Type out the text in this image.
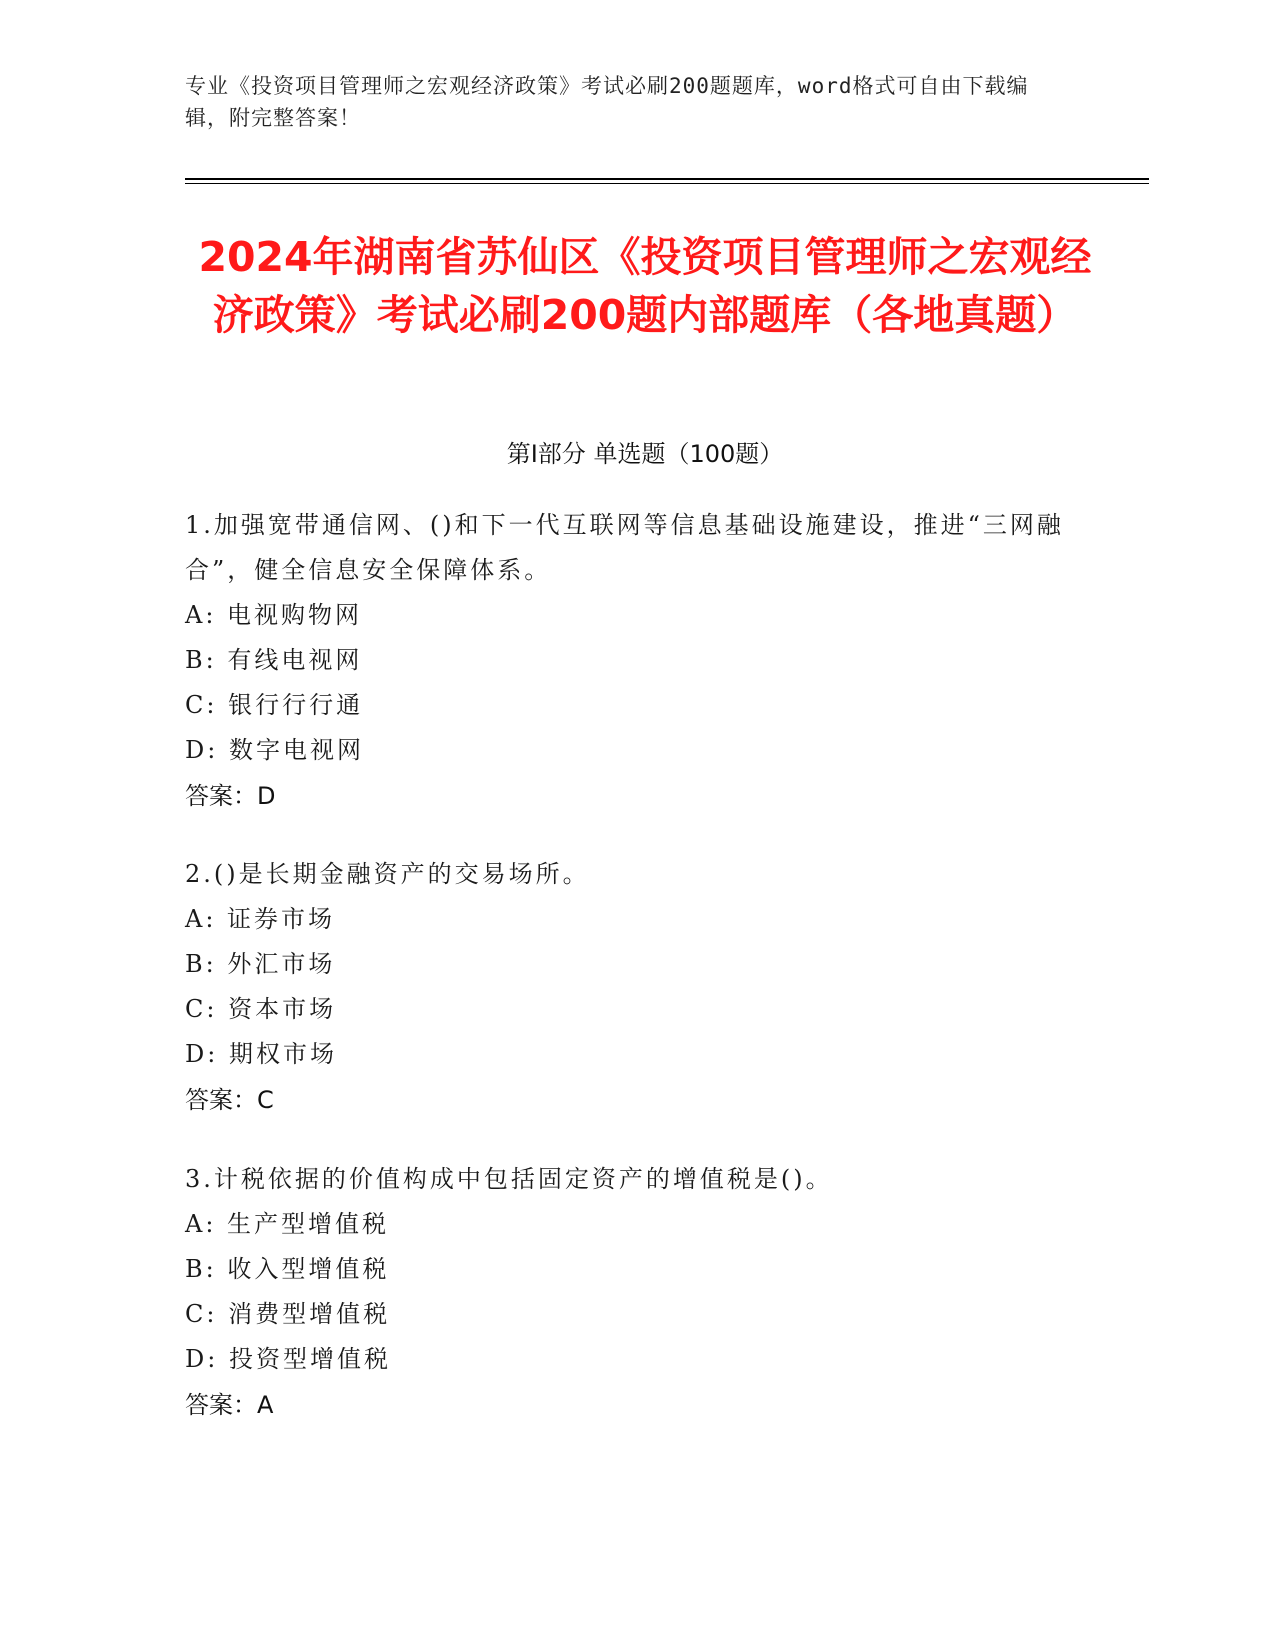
专业《投资项目管理师之宏观经济政策》考试必刷200题题库，word格式可自由下载编辑，附完整答案！
2024年湖南省苏仙区《投资项目管理师之宏观经济政策》考试必刷200题内部题库（各地真题）
第Ⅰ部分 单选题（100题）
1.加强宽带通信网、()和下一代互联网等信息基础设施建设，推进“三网融合”，健全信息安全保障体系。
A: 电视购物网
B: 有线电视网
C: 银行行行通
D: 数字电视网
答案：D
2.()是长期金融资产的交易场所。
A: 证券市场
B: 外汇市场
C: 资本市场
D: 期权市场
答案：C
3.计税依据的价值构成中包括固定资产的增值税是()。
A: 生产型增值税
B: 收入型增值税
C: 消费型增值税
D: 投资型增值税
答案：A
